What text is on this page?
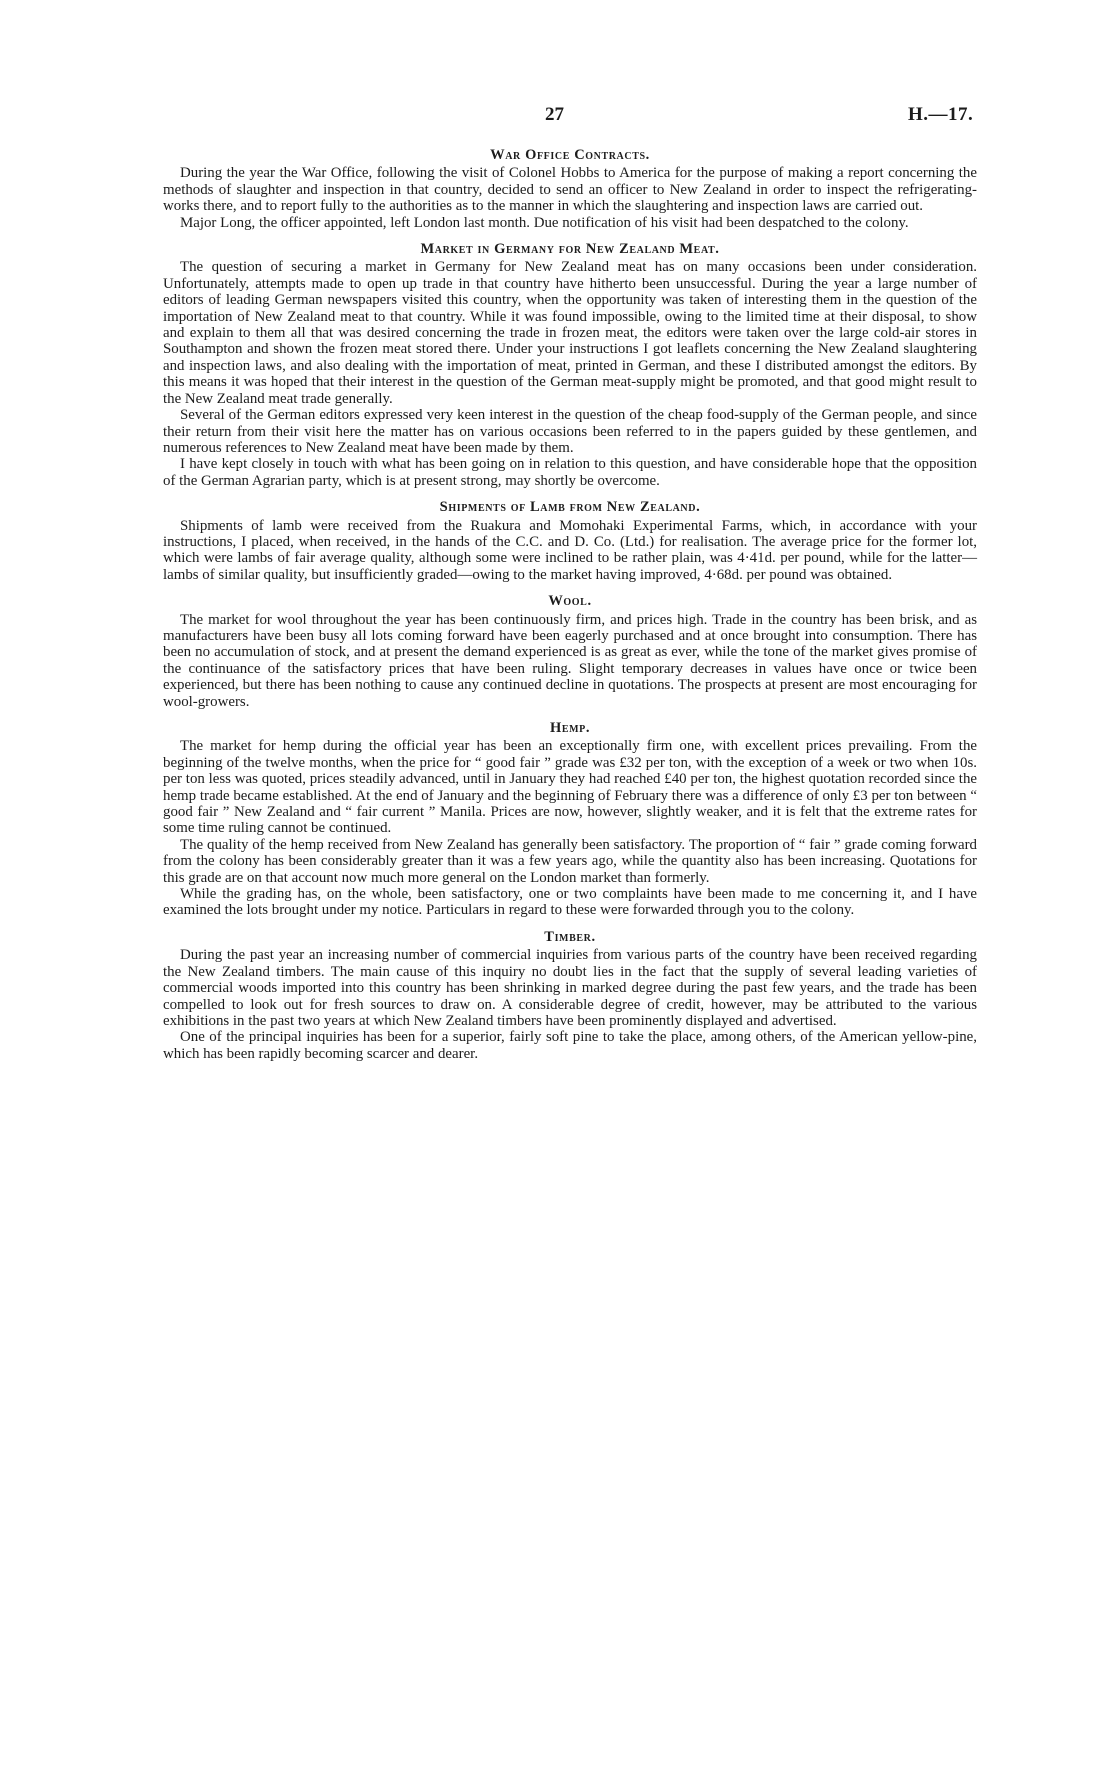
27	H.—17.
War Office Contracts.

During the year the War Office, following the visit of Colonel Hobbs to America for the purpose of making a report concerning the methods of slaughter and inspection in that country, decided to send an officer to New Zealand in order to inspect the refrigerating-works there, and to report fully to the authorities as to the manner in which the slaughtering and inspection laws are carried out.

Major Long, the officer appointed, left London last month. Due notification of his visit had been despatched to the colony.

Market in Germany for New Zealand Meat.

The question of securing a market in Germany for New Zealand meat has on many occasions been under consideration. Unfortunately, attempts made to open up trade in that country have hitherto been unsuccessful. During the year a large number of editors of leading German newspapers visited this country, when the opportunity was taken of interesting them in the question of the importation of New Zealand meat to that country. While it was found impossible, owing to the limited time at their disposal, to show and explain to them all that was desired concerning the trade in frozen meat, the editors were taken over the large cold-air stores in Southampton and shown the frozen meat stored there. Under your instructions I got leaflets concerning the New Zealand slaughtering and inspection laws, and also dealing with the importation of meat, printed in German, and these I distributed amongst the editors. By this means it was hoped that their interest in the question of the German meat-supply might be promoted, and that good might result to the New Zealand meat trade generally.

Several of the German editors expressed very keen interest in the question of the cheap food-supply of the German people, and since their return from their visit here the matter has on various occasions been referred to in the papers guided by these gentlemen, and numerous references to New Zealand meat have been made by them.

I have kept closely in touch with what has been going on in relation to this question, and have considerable hope that the opposition of the German Agrarian party, which is at present strong, may shortly be overcome.

Shipments of Lamb from New Zealand.

Shipments of lamb were received from the Ruakura and Momohaki Experimental Farms, which, in accordance with your instructions, I placed, when received, in the hands of the C.C. and D. Co. (Ltd.) for realisation. The average price for the former lot, which were lambs of fair average quality, although some were inclined to be rather plain, was 4·41d. per pound, while for the latter—lambs of similar quality, but insufficiently graded—owing to the market having improved, 4·68d. per pound was obtained.

Wool.

The market for wool throughout the year has been continuously firm, and prices high. Trade in the country has been brisk, and as manufacturers have been busy all lots coming forward have been eagerly purchased and at once brought into consumption. There has been no accumulation of stock, and at present the demand experienced is as great as ever, while the tone of the market gives promise of the continuance of the satisfactory prices that have been ruling. Slight temporary decreases in values have once or twice been experienced, but there has been nothing to cause any continued decline in quotations. The prospects at present are most encouraging for wool-growers.

Hemp.

The market for hemp during the official year has been an exceptionally firm one, with excellent prices prevailing. From the beginning of the twelve months, when the price for “ good fair ” grade was £32 per ton, with the exception of a week or two when 10s. per ton less was quoted, prices steadily advanced, until in January they had reached £40 per ton, the highest quotation recorded since the hemp trade became established. At the end of January and the beginning of February there was a difference of only £3 per ton between “ good fair ” New Zealand and “ fair current ” Manila. Prices are now, however, slightly weaker, and it is felt that the extreme rates for some time ruling cannot be continued.

The quality of the hemp received from New Zealand has generally been satisfactory. The proportion of “ fair ” grade coming forward from the colony has been considerably greater than it was a few years ago, while the quantity also has been increasing. Quotations for this grade are on that account now much more general on the London market than formerly.

While the grading has, on the whole, been satisfactory, one or two complaints have been made to me concerning it, and I have examined the lots brought under my notice. Particulars in regard to these were forwarded through you to the colony.

Timber.

During the past year an increasing number of commercial inquiries from various parts of the country have been received regarding the New Zealand timbers. The main cause of this inquiry no doubt lies in the fact that the supply of several leading varieties of commercial woods imported into this country has been shrinking in marked degree during the past few years, and the trade has been compelled to look out for fresh sources to draw on. A considerable degree of credit, however, may be attributed to the various exhibitions in the past two years at which New Zealand timbers have been prominently displayed and advertised.

One of the principal inquiries has been for a superior, fairly soft pine to take the place, among others, of the American yellow-pine, which has been rapidly becoming scarcer and dearer.
